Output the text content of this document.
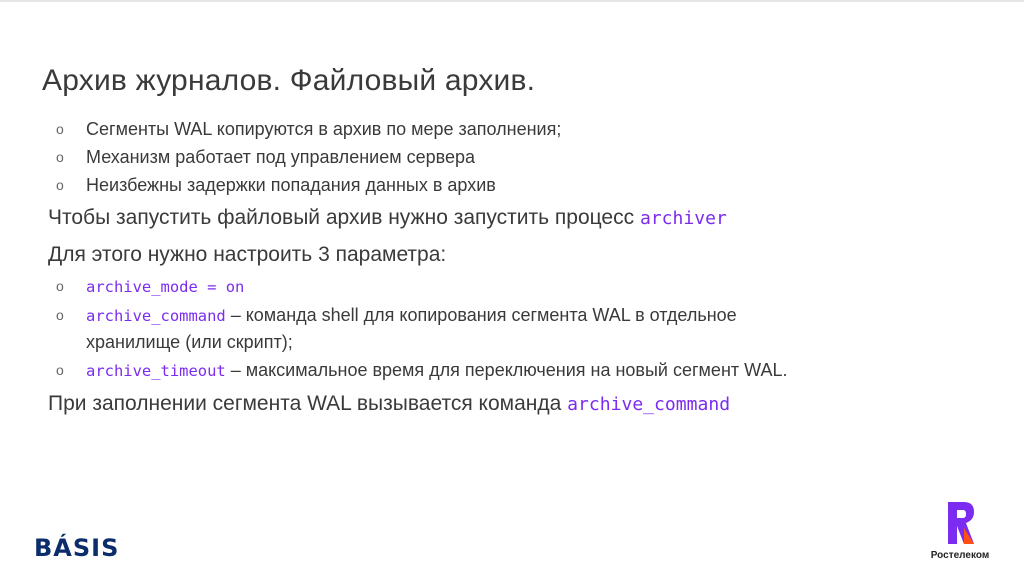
Архив журналов. Файловый архив.
o Сегменты WAL копируются в архив по мере заполнения;
o Механизм работает под управлением сервера
o Неизбежны задержки попадания данных в архив
Чтобы запустить файловый архив нужно запустить процесс archiver
Для этого нужно настроить 3 параметра:
o archive_mode = on
o archive_command – команда shell для копирования сегмента WAL в отдельное хранилище (или скрипт);
o archive_timeout – максимальное время для переключения на новый сегмент WAL.
При заполнении сегмента WAL вызывается команда archive_command
BÁSIS	Ростелеком
